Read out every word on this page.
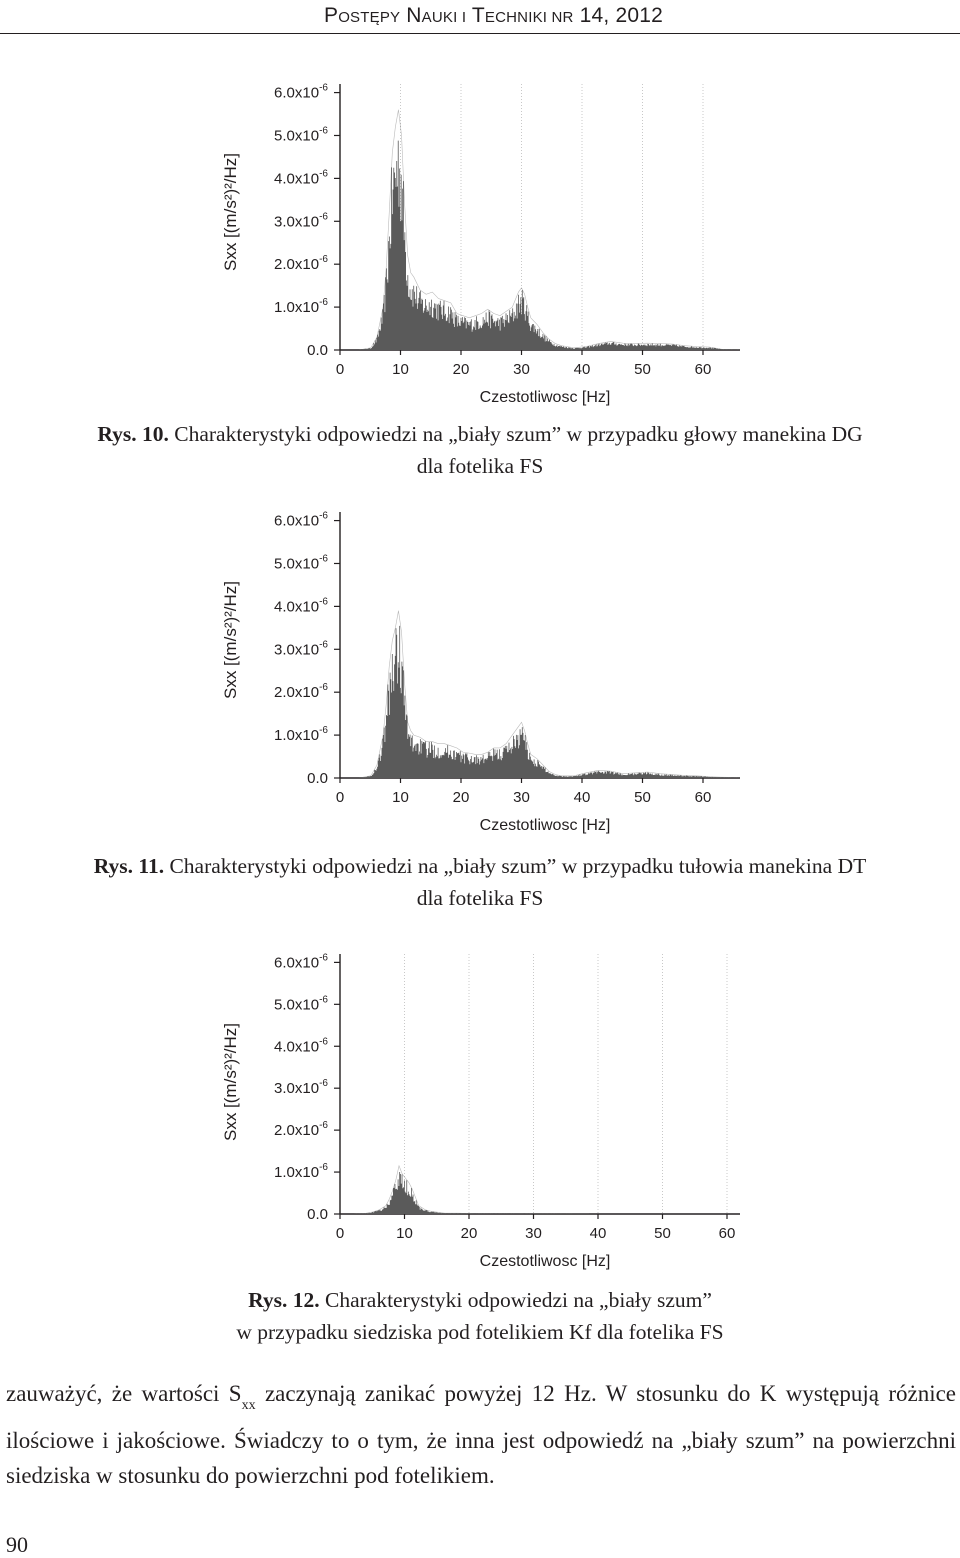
POSTĘPY NAUKI I TECHNIKI NR 14, 2012
0.0
$1.0x10^{-6}$
$2.0x10^{-6}$
$3.0x10^{-6}$
$4.0x10^{-6}$
$5.0x10^{-6}$
$6.0x10^{-6}$
0	10	20	30	40	50	60
Czestotliwosc [Hz]
Sxx [(m/s²)²/Hz]
Rys. 10. Charakterystyki odpowiedzi na „biały szum” w przypadku głowy manekina DG
dla fotelika FS
0.0
$1.0x10^{-6}$
$2.0x10^{-6}$
$3.0x10^{-6}$
$4.0x10^{-6}$
$5.0x10^{-6}$
$6.0x10^{-6}$
0	10	20	30	40	50	60
Czestotliwosc [Hz]
Sxx [(m/s²)²/Hz]
Rys. 11. Charakterystyki odpowiedzi na „biały szum” w przypadku tułowia manekina DT
dla fotelika FS
0.0
$1.0x10^{-6}$
$2.0x10^{-6}$
$3.0x10^{-6}$
$4.0x10^{-6}$
$5.0x10^{-6}$
$6.0x10^{-6}$
0	10	20	30	40	50	60
Czestotliwosc [Hz]
Sxx [(m/s²)²/Hz]
Rys. 12. Charakterystyki odpowiedzi na „biały szum”
w przypadku siedziska pod fotelikiem Kf dla fotelika FS
zauważyć, że wartości $S_{xx}$ zaczynają zanikać powyżej 12 Hz. W stosunku do K występują różnice ilościowe i jakościowe. Świadczy to o tym, że inna jest odpowiedź na „biały szum” na powierzchni siedziska w stosunku do powierzchni pod fotelikiem.
90
